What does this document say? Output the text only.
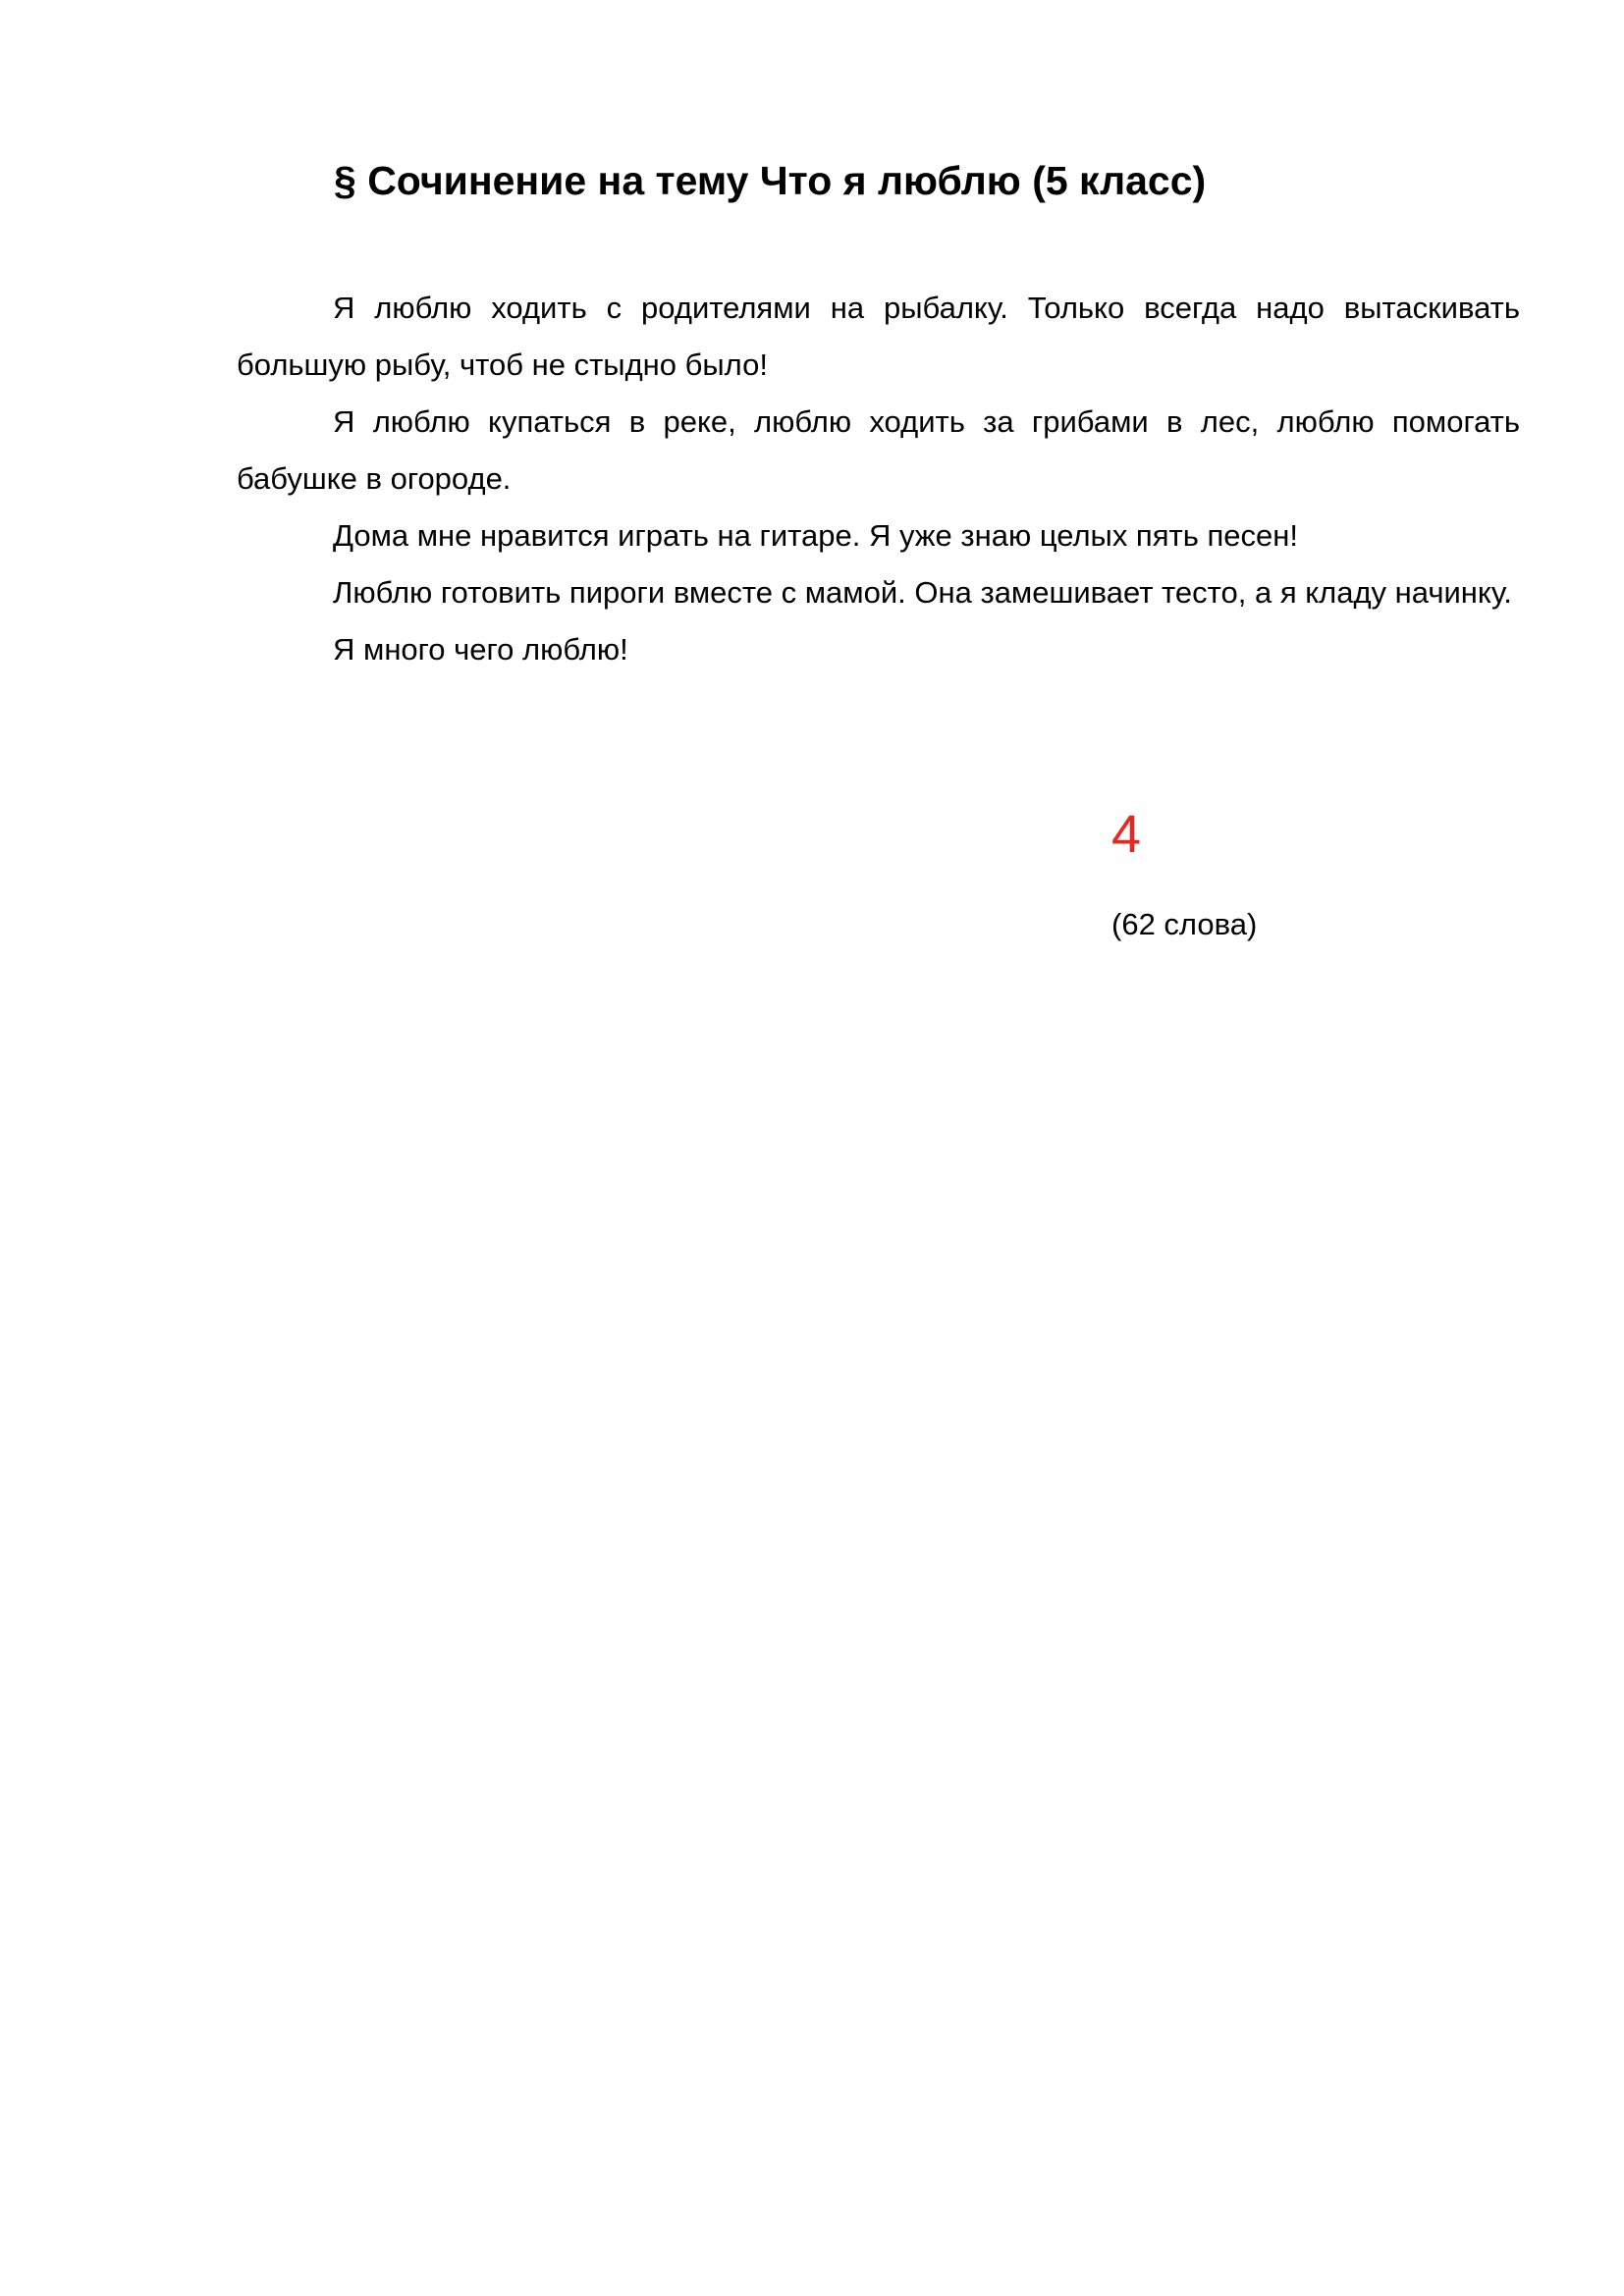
§ Сочинение на тему Что я люблю (5 класс)

Я люблю ходить с родителями на рыбалку. Только всегда надо вытаскивать большую рыбу, чтоб не стыдно было!

Я люблю купаться в реке, люблю ходить за грибами в лес, люблю помогать бабушке в огороде.

Дома мне нравится играть на гитаре. Я уже знаю целых пять песен!

Люблю готовить пироги вместе с мамой. Она замешивает тесто, а я кладу начинку.

Я много чего люблю!

4

(62 слова)
